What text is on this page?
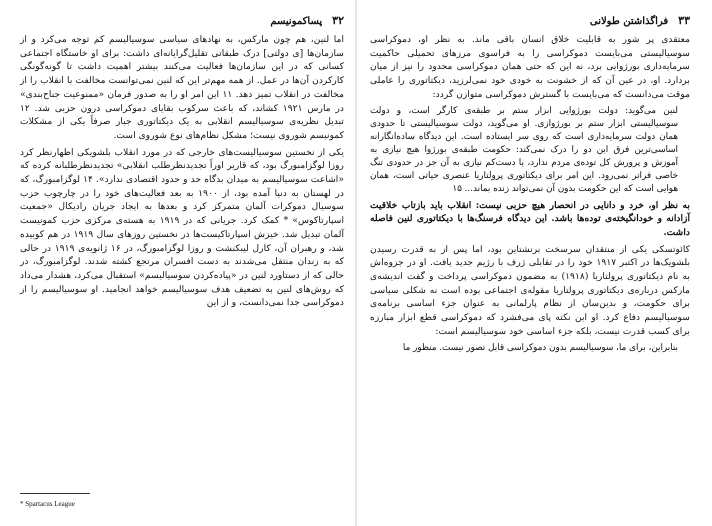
۳۲
پساکمونیسم

اما لنین، هم چون مارکس، به نهادهای سیاسی سوسیالیسم کم توجه می‌کرد و از سازمان‌ها [ی دولتی] درک طبقاتی تقلیل‌گرایانه‌ای داشت: برای او خاستگاه اجتماعی کسانی که در این سازمان‌ها فعالیت می‌کنند بیشتر اهمیت داشت تا گونه‌گونگی کارکردن آن‌ها در عمل. از همه مهم‌تر این که لنین نمی‌توانست مخالفت با انقلاب را از مخالفت در انقلاب تمیز دهد. ۱۱ این امر او را به صدور فرمان «ممنوعیت جناح‌بندی» در مارس ۱۹۲۱ کشاند، که باعث سرکوب بقایای دموکراسی درون حزبی شد. ۱۲ تبدیل نظریه‌ی سوسیالیسم انقلابی به یک دیکتاتوری جبار صرفاً یکی از مشکلات کمونیسم شوروی نیست؛ مشکل نظام‌های نوع شوروی است.

یکی از نخستین سوسیالیست‌های خارجی که در مورد انقلاب بلشویکی اظهارنظر کرد روزا لوگزامبورگ بود، که قاریر اوراً تجدیدنظرطلب انقلابی» تجدیدنظرطلبانه کرده که «اشاعت سوسیالیسم به میدان بدگاه حد و حدود اقتصادی ندارد». ۱۴ لوگزامبورگ، که در لهستان به دنیا آمده بود، از ۱۹۰۰ به بعد فعالیت‌های خود را در چارچوب حزب سوسیال دموکرات آلمان متمرکز کرد و بعدها به ایجاد جریان رادیکال «جمعیت اسپارتاکوس» * کمک کرد. جریانی که در ۱۹۱۹ به هسته‌ی مرکزی حزب کمونیست آلمان تبدیل شد. خیزش اسپارتاکیست‌ها در نخستین روزهای سال ۱۹۱۹ در هم کوبیده شد، و رهبران آن، کارل لیبکنشت و روزا لوگزامبورگ، در ۱۶ ژانویه‌ی ۱۹۱۹ در حالی که به زندان منتقل می‌شدند به دست افسران مرتجع کشته شدند. لوگزامبورگ، در حالی که از دستاورد لنین در «پیاده‌کردن سوسیالیسم» استقبال می‌کرد، هشدار می‌داد که روش‌های لنین به تضعیف هدف سوسیالیسم خواهد انجامید. او سوسیالیسم را از دموکراسی جدا نمی‌دانست، و از این

* Spartacus League
۳۳
فراگذاشتن طولانی

معتقدی پر شور به قابلیت خلاق انسان باقی ماند. به نظر او، دموکراسی سوسیالیستی می‌بایست دموکراسی را به فراسوی مرزهای تحمیلی حاکمیت سرمایه‌داری بورژوایی برد، نه این که حتی همان دموکراسی محدود را نیز از میان بردارد. او، در عین آن که از خشونت به خودی خود نمی‌لرزید، دیکتاتوری را عاملی موقت می‌دانست که می‌بایست با گسترش دموکراسی متوازن گردد:

لنین می‌گوید: دولت بورژوایی ابزار ستم بر طبقه‌ی کارگر است، و دولت سوسیالیستی ابزار ستم بر بورژوازی. او می‌گوید، دولت سوسیالیستی تا حدودی همان دولت سرمایه‌داری است که روی سر ایستاده است. این دیدگاه ساده‌انگارانه اساسی‌ترین فرق این دو را درک نمی‌کند: حکومت طبقه‌ی بورژوا هیچ نیازی به آموزش و پرورش کل توده‌ی مردم ندارد، یا دست‌کم نیازی به آن جز در حدودی تنگ خاصی فراتر نمی‌رود. این امر برای دیکتاتوری پرولتاریا عنصری حیاتی است، همان هوایی است که این حکومت بدون آن نمی‌تواند زنده بماند... ۱۵

به نظر او، خرد و دانایی در انحصار هیچ حزبی نیست: انقلاب باید بازتاب خلاقیت آزادانه و خودانگیخته‌ی توده‌ها باشد. این دیدگاه فرسنگ‌ها با دیکتاتوری لنین فاصله داشت.

کائوتسکی یکی از منتقدان سرسخت برنشتاین بود، اما پس از به قدرت رسیدن بلشویک‌ها در اکتبر ۱۹۱۷ خود را در تقابلی ژرف با رژیم جدید یافت. او در جزوه‌اش به نام دیکتاتوری پرولتاریا (۱۹۱۸) به مضمون دموکراسی پرداخت و گفت اندیشه‌ی مارکس درباره‌ی دیکتاتوری پرولتاریا مقوله‌ی اجتماعی بوده است نه شکلی سیاسی برای حکومت، و بدین‌سان از نظام پارلمانی به عنوان جزء اساسی برنامه‌ی سوسیالیسم دفاع کرد. او این نکته پای می‌فشرد که دموکراسی قطع ابزار مبارزه برای کسب قدرت نیست، بلکه جزء اساسی خود سوسیالیسم است:

بنابراین، برای ما، سوسیالیسم بدون دموکراسی قابل تصور نیست. منظور ما
